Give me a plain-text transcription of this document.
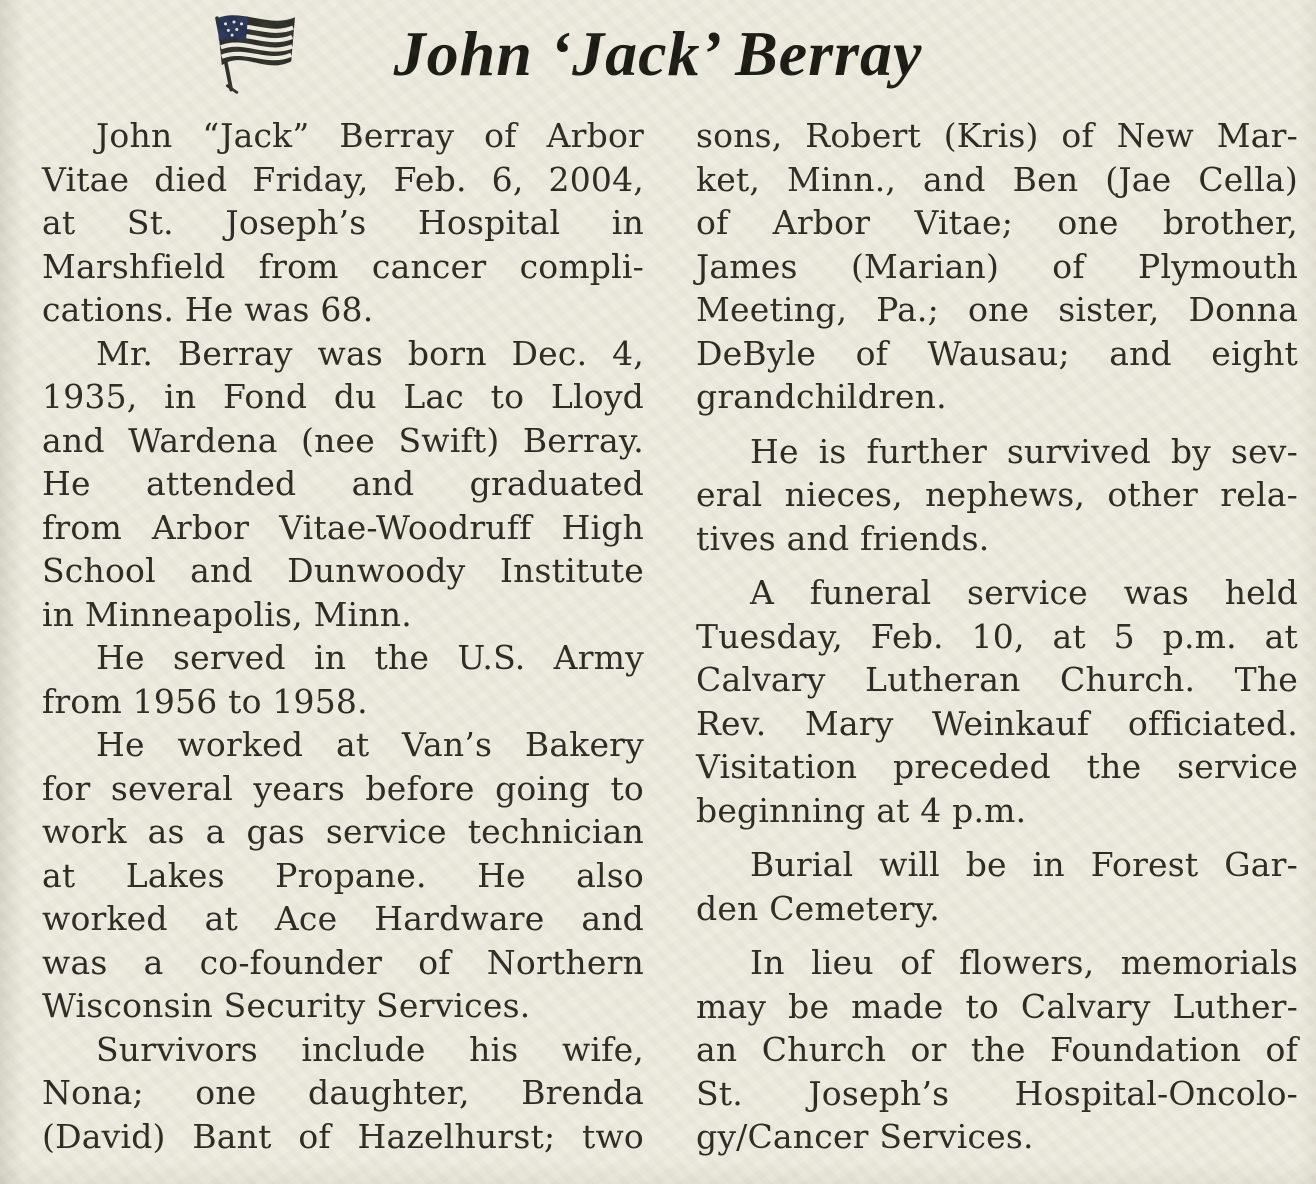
John ‘Jack’ Berray

John “Jack” Berray of Arbor
Vitae died Friday, Feb. 6, 2004,
at St. Joseph’s Hospital in
Marshfield from cancer compli-
cations. He was 68.

Mr. Berray was born Dec. 4,
1935, in Fond du Lac to Lloyd
and Wardena (nee Swift) Berray.
He attended and graduated
from Arbor Vitae-Woodruff High
School and Dunwoody Institute
in Minneapolis, Minn.

He served in the U.S. Army
from 1956 to 1958.

He worked at Van’s Bakery
for several years before going to
work as a gas service technician
at Lakes Propane. He also
worked at Ace Hardware and
was a co-founder of Northern
Wisconsin Security Services.

Survivors include his wife,
Nona; one daughter, Brenda
(David) Bant of Hazelhurst; two

sons, Robert (Kris) of New Mar-
ket, Minn., and Ben (Jae Cella)
of Arbor Vitae; one brother,
James (Marian) of Plymouth
Meeting, Pa.; one sister, Donna
DeByle of Wausau; and eight
grandchildren.

He is further survived by sev-
eral nieces, nephews, other rela-
tives and friends.

A funeral service was held
Tuesday, Feb. 10, at 5 p.m. at
Calvary Lutheran Church. The
Rev. Mary Weinkauf officiated.
Visitation preceded the service
beginning at 4 p.m.

Burial will be in Forest Gar-
den Cemetery.

In lieu of flowers, memorials
may be made to Calvary Luther-
an Church or the Foundation of
St. Joseph’s Hospital-Oncolo-
gy/Cancer Services.
